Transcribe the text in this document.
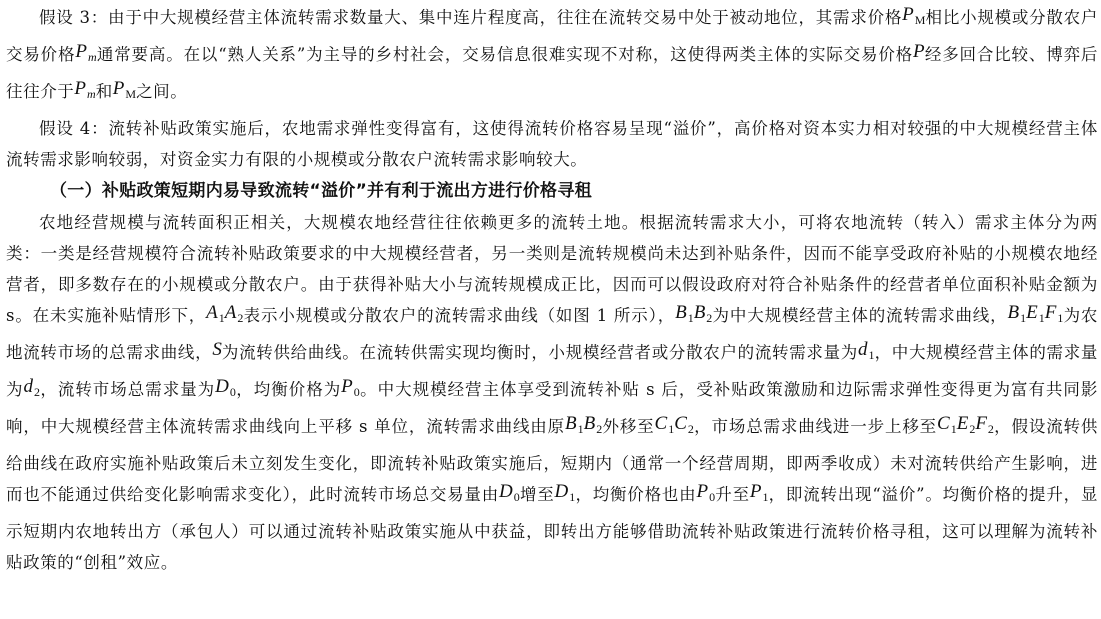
假设 3：由于中大规模经营主体流转需求数量大、集中连片程度高，往往在流转交易中处于被动地位，其需求价格$P_M$相比小规模或分散农户交易价格$P_m$通常要高。在以“熟人关系”为主导的乡村社会，交易信息很难实现不对称，这使得两类主体的实际交易价格P经多回合比较、博弈后往往介于$P_m$和$P_M$之间。

假设 4：流转补贴政策实施后，农地需求弹性变得富有，这使得流转价格容易呈现“溢价”，高价格对资本实力相对较强的中大规模经营主体流转需求影响较弱，对资金实力有限的小规模或分散农户流转需求影响较大。

（一）补贴政策短期内易导致流转“溢价”并有利于流出方进行价格寻租

农地经营规模与流转面积正相关，大规模农地经营往往依赖更多的流转土地。根据流转需求大小，可将农地流转（转入）需求主体分为两类：一类是经营规模符合流转补贴政策要求的中大规模经营者，另一类则是流转规模尚未达到补贴条件，因而不能享受政府补贴的小规模农地经营者，即多数存在的小规模或分散农户。由于获得补贴大小与流转规模成正比，因而可以假设政府对符合补贴条件的经营者单位面积补贴金额为 s。在未实施补贴情形下，$A_1A_2$表示小规模或分散农户的流转需求曲线（如图 1 所示），$B_1B_2$为中大规模经营主体的流转需求曲线，$B_1E_1F_1$为农地流转市场的总需求曲线，S为流转供给曲线。在流转供需实现均衡时，小规模经营者或分散农户的流转需求量为$d_1$，中大规模经营主体的需求量为$d_2$，流转市场总需求量为$D_0$，均衡价格为$P_0$。中大规模经营主体享受到流转补贴 s 后，受补贴政策激励和边际需求弹性变得更为富有共同影响，中大规模经营主体流转需求曲线向上平移 s 单位，流转需求曲线由原$B_1B_2$外移至$C_1C_2$，市场总需求曲线进一步上移至$C_1E_2F_2$，假设流转供给曲线在政府实施补贴政策后未立刻发生变化，即流转补贴政策实施后，短期内（通常一个经营周期，即两季收成）未对流转供给产生影响，进而也不能通过供给变化影响需求变化），此时流转市场总交易量由$D_0$增至$D_1$，均衡价格也由$P_0$升至$P_1$，即流转出现“溢价”。均衡价格的提升，显示短期内农地转出方（承包人）可以通过流转补贴政策实施从中获益，即转出方能够借助流转补贴政策进行流转价格寻租，这可以理解为流转补贴政策的“创租”效应。
